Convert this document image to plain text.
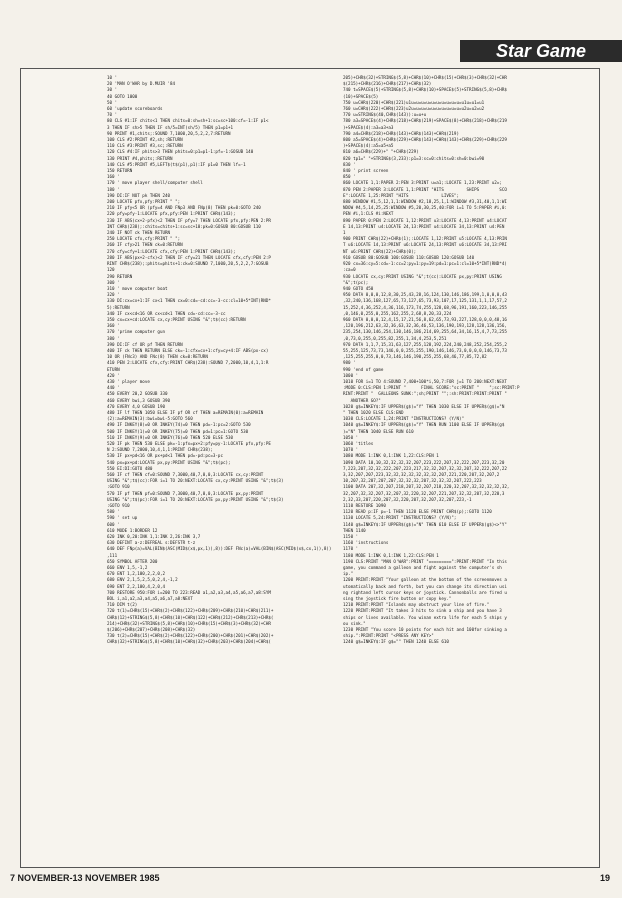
Star Game
10 '
20 'MAN O'WAR by D.MUIR '84
30 '
40 GOTO 1000
50 '
60 'update scoreboards
70 '
80 CLS #1:IF chits<1 THEN chits=0:sh=sh+1:sc=sc+100:cf=-1:IF p1<
3 THEN IF sh>5 THEN IF sh/5=INT(sh/5) THEN p1=p1+1
90 PRINT #1,chits;:SOUND 7,1000,20,5,2,2,7:RETURN
100 CLS #2:PRINT #2,sh;:RETURN
110 CLS #3:PRINT #3,sc;:RETURN
120 CLS #4:IF phits>3 THEN phits=0:p1=p1-1:pf=-1:GOSUB 140
130 PRINT #4,phits;:RETURN
140 CLS #5:PRINT #5,LEFT$(t$(p1),p1):IF p1=0 THEN lf=-1
150 RETURN
160 '
170 ' move player shell/computer shell
180 '
190 DI:IF NOT pk THEN 240
200 LOCATE pfx,pfy:PRINT " ";
210 IF pfy<5 OR (pfy=4 AND FNp3 AND FNp(8) THEN pk=0:GOTO 240
220 pfy=pfy-1:LOCATE pfx,pfy:PEN 1:PRINT CHR$(143);
230 IF ABS(cx+2-pfx)<2 THEN IF pfy=7 THEN LOCATE pfx,pfy:PEN 2:PR
INT CHR$(238);:chits=chits+1:sc=sc+10:pk=0:GOSUB 80:GOSUB 110
240 IF NOT ck THEN RETURN
250 LOCATE cfx,cfy:PRINT " ";
260 IF cfy>21 THEN ck=0:RETURN
270 cfy=cfy+1:LOCATE cfx,cfy:PEN 1:PRINT CHR$(143);
280 IF ABS(px+2-cfx)<2 THEN IF cfy=21 THEN LOCATE cfx,cfy:PEN 2:P
RINT CHR$(238);:phits=phits+1:ck=0:SOUND 7,1000,20,5,2,2,7:GOSUB
120
290 RETURN
300 '
310 ' move computer boat
320 '
330 DI:cx=cx+1:IF cx<1 THEN cx=0:cd=-cd:cc=-3-cc:cl=10+5*INT(RND*
5):RETURN
340 IF cx<cd<16 OR cx<cd<1 THEN cd=-cd:cc=-3-cc
350 cx=cx+cd:LOCATE cx,cy:PRINT USING "&";t$(cc):RETURN
360 '
370 'prime computer gun
380 '
390 DI:IF cf OR pf THEN RETURN
400 IF ck THEN RETURN ELSE ck=-1:cfx=cx+1:cfy=cy+4:IF ABS(px-cx)
10 OR (FNc3) AND FNc(8) THEN ck=0:RETURN
410 PEN 2:LOCATE cfx,cfy:PRINT CHR$(238):SOUND 7,2000,10,4,1,1:R
ETURN
420 '
430 ' player move
440 '
450 EVERY 20,2 GOSUB 330
460 EVERY bwi,3 GOSUB 390
470 EVERY 4,0 GOSUB 190
480 IF lf THEN 1050 ELSE IF pf OR cf THEN a=REMAIN(0):a=REMAIN
(2):a=REMAIN(3):bwi=bwi-5:GOTO 560
490 IF INKEY(8)=0 OR INKEY(74)=0 THEN pd=-1:pc=2:GOTO 530
500 IF INKEY(1)=0 OR INKEY(75)=0 THEN pd=1:pc=1:GOTO 530
510 IF INKEY(9)=0 OR INKEY(76)=0 THEN 520 ELSE 530
520 IF pk THEN 530 ELSE pk=-1:pfx=px+2:pfy=py-1:LOCATE pfx,pfy:PE
N 2:SOUND 7,2000,10,4,1,1:PRINT CHR$(238);
530 IF px+pd<16 OR px+pd<1 THEN pd=-pd:pc=3-pc
540 px=px+pd:LOCATE px,py:PRINT USING "&";t$(pc);
550 EI:DI:GOTO 480
560 IF cf THEN cf=0:SOUND 7,3000,40,7,0,0,3:LOCATE cx,cy:PRINT
USING "&";t$(cc):FOR i=1 TO 20:NEXT:LOCATE cx,cy:PRINT USING "&";t$(3)
:GOTO 910
570 IF pf THEN pf=0:SOUND 7,3000,40,7,0,0,3:LOCATE px,py:PRINT
USING "&";t$(pc):FOR i=1 TO 20:NEXT:LOCATE px,py:PRINT USING "&";t$(3)
:GOTO 910
580 '
590 ' set up
600 '
610 MODE 1:BORDER 12
620 INK 0,20:INK 1,1:INK 2,26:INK 3,7
630 DEFINT a-z:DEFREAL s:DEFSTR t-z
640 DEF FNp(a)=VAL(BIN$(ASC(MID$(x$,px,1)),8)):DEF FNc(a)=VAL(BIN$(ASC(MID$(x$,cx,1)),8))
,111
650 SYMBOL AFTER 200
660 ENV 1,5,-1,2
670 ENT 1,2,100,2,2,0,2
680 ENV 2,1,5,2,5,0,2,4,-1,2
690 ENT 2,2,100,4,2,0,4
700 RESTORE 950:FOR i=200 TO 223:READ a1,a2,a3,a4,a5,a6,a7,a8:SYM
BOL i,a1,a2,a3,a4,a5,a6,a7,a8:NEXT
710 DIM t(2)
720 t(1)=CHR$(15)+CHR$(2)+CHR$(122)+CHR$(209)+CHR$(210)+CHR$(211)+
CHR$(12)+STRING$(5,8)+CHR$(10)+CHR$(122)+CHR$(212)+CHR$(213)+CHR$(
214)+CHR$(32)+STRING$(5,8)+CHR$(10)+CHR$(15)+CHR$(3)+CHR$(32)+CHR
$(206)+CHR$(207)+CHR$(208)+CHR$(32)
730 t(2)=CHR$(15)+CHR$(2)+CHR$(122)+CHR$(200)+CHR$(201)+CHR$(202)+
CHR$(32)+STRING$(5,8)+CHR$(10)+CHR$(32)+CHR$(203)+CHR$(204)+CHR$(
205)+CHR$(32)+STRING$(5,8)+CHR$(10)+CHR$(15)+CHR$(3)+CHR$(32)+CHR
$(215)+CHR$(216)+CHR$(217)+CHR$(32)
740 t=SPACE$(5)+STRING$(5,8)+CHR$(10)+SPACE$(5)+STRING$(5,8)+CHR$
(10)+SPACE$(5)
750 u=CHR$(220)+CHR$(221)u1u=u=u=u=u=u=u=u=u=u=u1u=u1=u1
760 u=CHR$(222)+CHR$(223)u2u=u=u=u=u=u=u=u=u=u=u2u=u2=u2
770 u=STRING$(40,CHR$(143)):u=u+u
780 a3=SPACE$(4)+CHR$(218)+CHR$(219)+SPACE$(8)+CHR$(218)+CHR$(219
)+SPACE$(4):a3=a3+a3
790 a4=CHR$(218)+CHR$(143)+CHR$(143)+CHR$(219)
800 a5=SPACE$(4)+CHR$(229)+CHR$(143)+CHR$(143)+CHR$(229)+CHR$(229
)+SPACE$(4):a5=a5+a5
810 a6=CHR$(229)+" "+CHR$(229)
820 tp1=" "+STRING$(3,233):p1=3:sc=0:chits=0:sh=0:bwi=90
830 '
840 ' print screen
850 '
860 LOCATE 1,1:PAPER 2:PEN 3:PRINT u=a1;:LOCATE 1,23:PRINT u2=;
870 PEN 2:PAPER 3:LOCATE 1,1:PRINT "HITS         SHIPS        SCO
E":LOCATE 1,25:PRINT "HITS             LIVES";
880 WINDOW #1,5,12,1,1:WINDOW #2,18,25,1,1:WINDOW #3,31,40,1,1:WI
NDOW #4,5,14,25,25:WINDOW #5,20,30,25,40:FOR i=1 TO 5:PAPER #i,0:
PEN #i,1:CLS #i:NEXT
890 PAPER 0:PEN 2:LOCATE 1,12:PRINT u3:LOCATE 4,13:PRINT u4:LOCAT
E 14,13:PRINT u4:LOCATE 24,13:PRINT u4:LOCATE 34,13:PRINT u4:PEN
1
900 PRINT CHR$(22)+CHR$(1);:LOCATE 1,12:PRINT u5:LOCATE 4,13:PRIN
T u6:LOCATE 14,13:PRINT u6:LOCATE 24,13:PRINT u6:LOCATE 34,13:PRI
NT u6:PRINT CHR$(22)+CHR$(0);
910 GOSUB 80:GOSUB 100:GOSUB 110:GOSUB 120:GOSUB 140
920 cx=36:cy=5:cd=-1:cc=2:py=1:py=19:pd=1:pc=1:cl=10+5*INT(RND*4)
:ca=0
930 LOCATE cx,cy:PRINT USING "&";t(cc):LOCATE px,py:PRINT USING
"&";t(pc);
940 GOTO 450
950 DATA 0,0,0,12,8,30,25,43,28,16,124,130,146,186,199,1,0,0,0,43
,32,240,136,168,127,65,73,127,65,73,93,107,17,125,131,1,1,17,57,2
15,252,4,36,252,4,36,116,173,74,255,128,68,96,191,160,223,146,255
,0,146,0,255,0,255,162,255,2,68,8,20,33,224
960 DATA 0,0,0,12,4,15,17,21,56,8,62,65,73,93,227,128,0,0,0,48,16
,120,196,212,63,32,36,63,32,36,46,53,136,190,193,128,128,136,156,
235,254,130,146,254,130,146,186,214,69,255,64,34,16,15,4,7,73,255
,0,73,0,255,0,255,82,255,1,34,4,253,5,251
970 DATA 1,1,7,15,31,63,127,255,128,192,224,240,248,252,254,255,2
55,255,125,73,73,146,0,0,255,255,190,146,146,73,0,0,0,0,146,73,73
,125,255,255,0,0,73,146,146,190,255,255,68,46,77,85,72,82
980 '
990 'end of game
1000 '
1010 FOR i=1 TO 4:SOUND 7,400+100*i,50,7:FOR j=1 TO 200:NEXT:NEXT
:MODE 0:CLS:PEN 1:PRINT "      FINAL SCORE:"sc:PRINT "    ";sc:PRINT:P
RINT:PRINT "  GALLEONS SUNK:";sh;PRINT "";:sh:PRINT:PRINT:PRINT "
ANOTHER GO?"
1020 g$=INKEY$:IF UPPER$(g$)="Y" THEN 1030 ELSE IF UPPER$(g$)="N
" THEN 1020 ELSE CLS:END
1030 CLS:LOCATE 1,24:PRINT "INSTRUCTIONS? (Y/N)"
1040 g$=INKEY$:IF UPPER$(g$)="Y" THEN RUN 1100 ELSE IF UPPER$(g$
)="N" THEN 1040 ELSE RUN 610
1050 '
1060 'titles
1070 '
1080 MODE 1:INK 0,1:INK 1,22:CLS:PEN 1
1090 DATA 10,10,32,32,32,32,207,223,222,207,32,222,207,223,32,20
7,223,207,32,32,222,207,223,217,32,32,207,32,32,207,32,222,207,22
3,32,207,207,223,32,32,32,32,32,32,32,207,221,220,207,32,207,2
10,207,32,207,207,207,32,32,32,207,32,32,32,207,222,223
1100 DATA 207,32,207,218,207,32,207,218,220,32,207,32,32,32,32,32,
32,207,32,32,207,32,207,32,220,32,207,221,207,32,32,207,32,220,3
2,32,33,207,220,207,32,220,207,32,207,32,207,223,-1
1110 RESTORE 1090
1120 READ p:IF p=-1 THEN 1120 ELSE PRINT CHR$(p);:GOTO 1120
1130 LOCATE 5,24:PRINT "INSTRUCTIONS? (Y/N)";
1140 g$=INKEY$:IF UPPER$(g$)="N" THEN 610 ELSE IF UPPER$(g$)<>"Y"
THEN 1140
1150 '
1160 'instructions
1170 '
1180 MODE 1:INK 0,1:INK 1,22:CLS:PEN 1
1190 CLS:PRINT "MAN O'WAR":PRINT "=========":PRINT:PRINT "In this
game, you command a galleon and fight against the computer's sh
ip."
1200 PRINT:PRINT "Your galleon at the bottom of the screenmoves a
utomatically back and forth, but you can change its direction usi
ng rightand left cursor keys or joystick. Cannonballs are fired u
sing the joystick fire button or copy key."
1210 PRINT:PRINT "Islands may obstruct your line of fire."
1220 PRINT:PRINT "It takes 3 hits to sink a ship and you have 3
ships or lives available. You winan extra life for each 5 ships y
ou sink."
1230 PRINT "You score 10 points for each hit and 100for sinking a
ship.":PRINT:PRINT "<PRESS ANY KEY>"
1240 g$=INKEY$:IF g$="" THEN 1240 ELSE 610
7 NOVEMBER-13 NOVEMBER 1985	19
